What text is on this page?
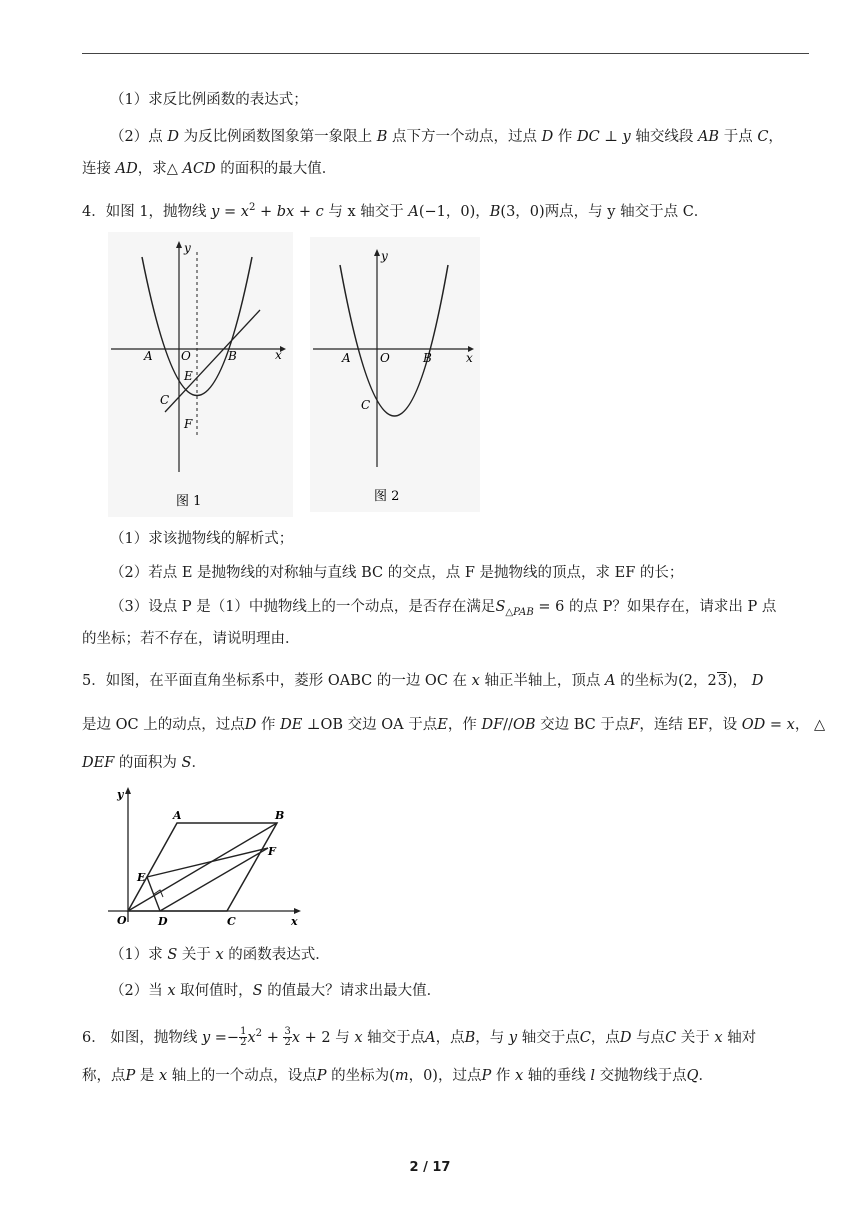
（1）求反比例函数的表达式；
（2）点 D 为反比例函数图象第一象限上 B 点下方一个动点，过点 D 作 DC ⊥ y 轴交线段 AB 于点 C，
连接 AD，求△ ACD 的面积的最大值．
4．如图 1，抛物线 $y = x^2$ + bx + c 与 x 轴交于 A(−1，0)，B(3，0)两点，与 y 轴交于点 C．
y
x
A O	B
E
C
F
图 1
y
x
A O	B
C
图 2
（1）求该抛物线的解析式；
（2）若点 E 是抛物线的对称轴与直线 BC 的交点，点 F 是抛物线的顶点，求 EF 的长；
（3）设点 P 是（1）中抛物线上的一个动点，是否存在满足$S_{\triangle PAB} = 6$ 的点 P？如果存在，请求出 P 点
的坐标；若不存在，请说明理由．
5．如图，在平面直角坐标系中，菱形 OABC 的一边 OC 在 x 轴正半轴上，顶点 A 的坐标为(2，23)， D
是边 OC 上的动点，过点D 作 DE ⊥OB 交边 OA 于点E，作 DF//OB 交边 BC 于点F，连结 EF，设 OD = x， △
DEF 的面积为 S．
y
x
O
A	B
C
D
E
F
（1）求 S 关于 x 的函数表达式．
（2）当 x 取何值时，S 的值最大？请求出最大值．
6． 如图，抛物线 $y =- \frac{1}{2} x^2 + \frac{3}{2}$ x + 2 与 x 轴交于点A，点B，与 y 轴交于点C，点D 与点C 关于 x 轴对
称，点P 是 x 轴上的一个动点，设点P 的坐标为(m，0)，过点P 作 x 轴的垂线 l 交抛物线于点Q．
2 / 17
